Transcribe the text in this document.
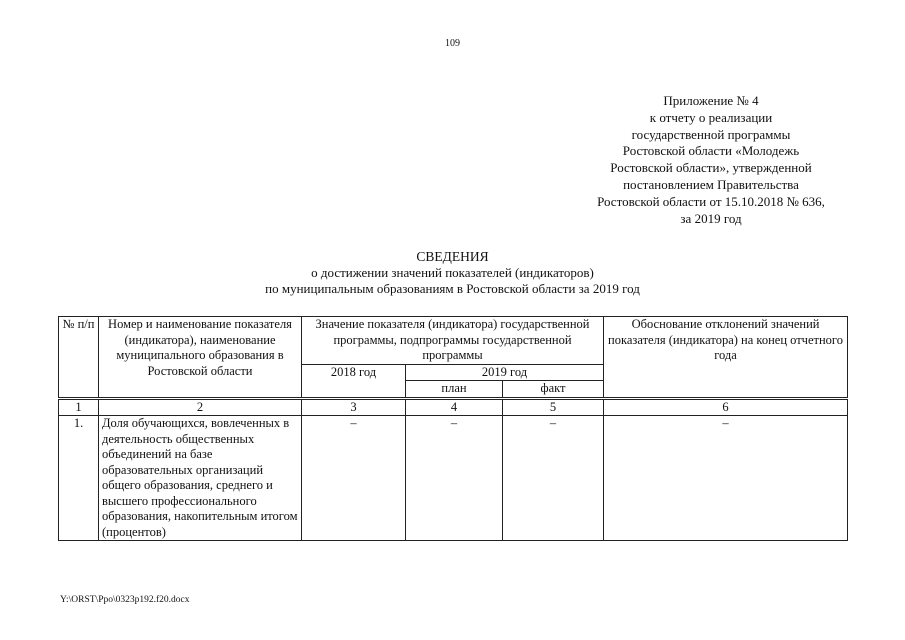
109
Приложение № 4
к отчету о реализации
государственной программы
Ростовской области «Молодежь
Ростовской области», утвержденной
постановлением Правительства
Ростовской области от 15.10.2018 № 636,
за 2019 год
СВЕДЕНИЯ
о достижении значений показателей (индикаторов)
по муниципальным образованиям в Ростовской области за 2019 год
№ п/п	Номер и наименование показателя (индикатора), наименование муниципального образования в Ростовской области	Значение показателя (индикатора) государственной программы, подпрограммы государственной программы			Обоснование отклонений значений показателя (индикатора) на конец отчетного года
		2018 год	2019 год		
			план	факт	
1	2	3	4	5	6
1.	Доля обучающихся, вовлеченных в деятельность общественных объединений на базе образовательных организаций общего образования, среднего и высшего профессионального образования, накопительным итогом (процентов)	–	–	–	–
Y:\ORST\Ppo\0323p192.f20.docx
